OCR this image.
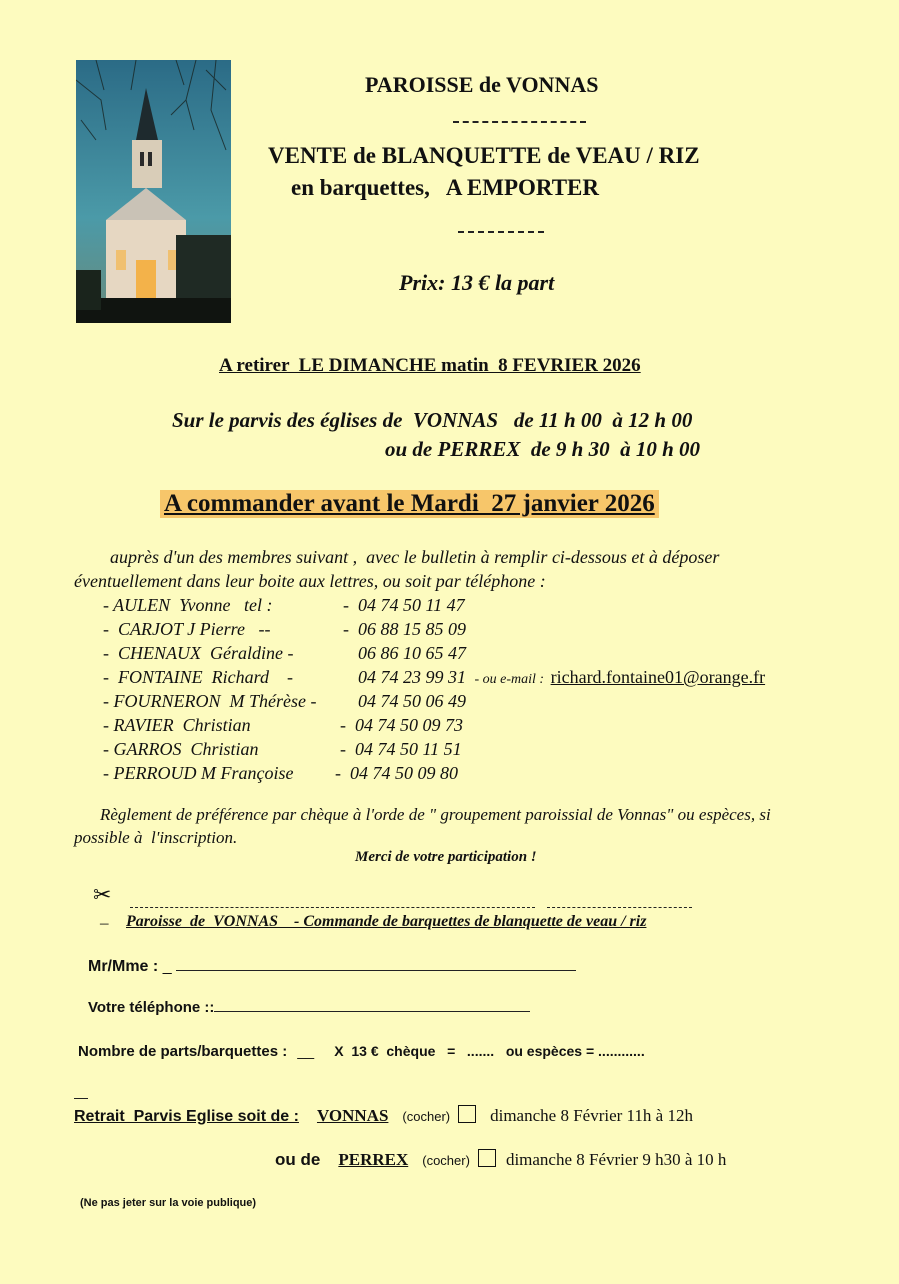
PAROISSE de VONNAS
VENTE de BLANQUETTE de VEAU / RIZ
en barquettes,   A EMPORTER
Prix: 13 € la part
A retirer  LE DIMANCHE matin  8 FEVRIER 2026
Sur le parvis des églises de  VONNAS   de 11 h 00  à 12 h 00
ou de PERREX  de 9 h 30  à 10 h 00
A commander avant le Mardi  27 janvier 2026
auprès d'un des membres suivant ,  avec le bulletin à remplir ci-dessous et à déposer
éventuellement dans leur boite aux lettres, ou soit par téléphone :
- AULEN  Yvonne   tel :	-  04 74 50 11 47
-  CARJOT J Pierre   --	-  06 88 15 85 09
-  CHENAUX  Géraldine -	06 86 10 65 47
-  FONTAINE  Richard    -	04 74 23 99 31 - ou e-mail : richard.fontaine01@orange.fr
- FOURNERON  M Thérèse - 04 74 50 06 49
- RAVIER  Christian	-  04 74 50 09 73
- GARROS  Christian	-  04 74 50 11 51
- PERROUD M Françoise -  04 74 50 09 80
Règlement de préférence par chèque à l'orde de " groupement paroissial de Vonnas" ou espèces, si
possible à  l'inscription.
Merci de votre participation !
✂

– Paroisse  de  VONNAS    - Commande de barquettes de blanquette de veau / riz
Mr/Mme : _
Votre téléphone ::
Nombre de parts/barquettes : __ X  13 €  chèque   =   .......   ou espèces = ............
Retrait  Parvis Eglise soit de : VONNAS (cocher) dimanche 8 Février 11h à 12h
ou de PERREX (cocher) dimanche 8 Février 9 h30 à 10 h
(Ne pas jeter sur la voie publique)
